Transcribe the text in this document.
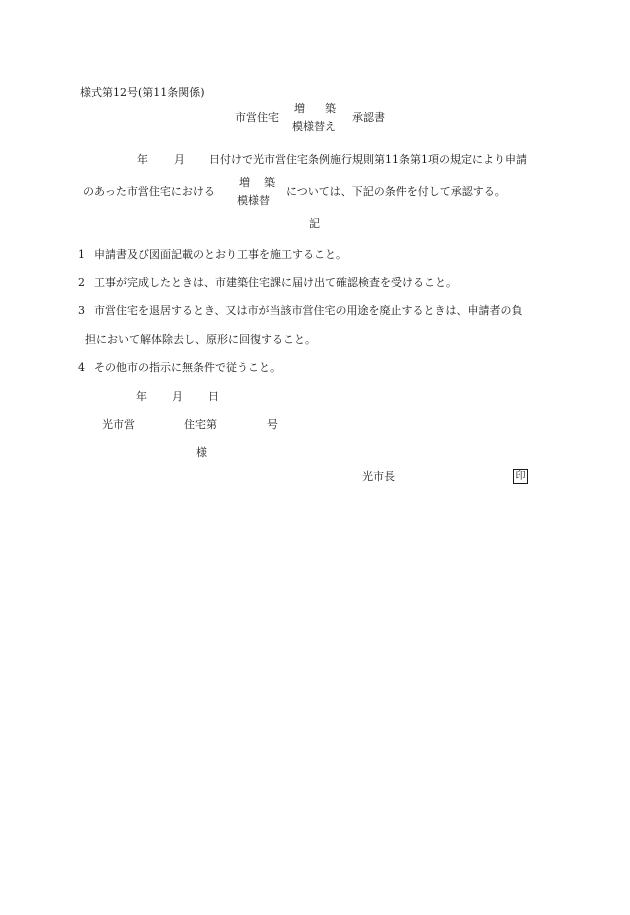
様式第12号(第11条関係)
市営住宅
増 築
模様替え
承認書
年 月 日付けで光市営住宅条例施行規則第11条第1項の規定により申請
のあった市営住宅における
増 築
模様替
については、下記の条件を付して承認する。
記
1 申請書及び図面記載のとおり工事を施工すること。
2 工事が完成したときは、市建築住宅課に届け出て確認検査を受けること。
3 市営住宅を退居するとき、又は市が当該市営住宅の用途を廃止するときは、申請者の負
担において解体除去し、原形に回復すること。
4 その他市の指示に無条件で従うこと。
年 月 日
光市営	住宅第	号
様
光市長	印
